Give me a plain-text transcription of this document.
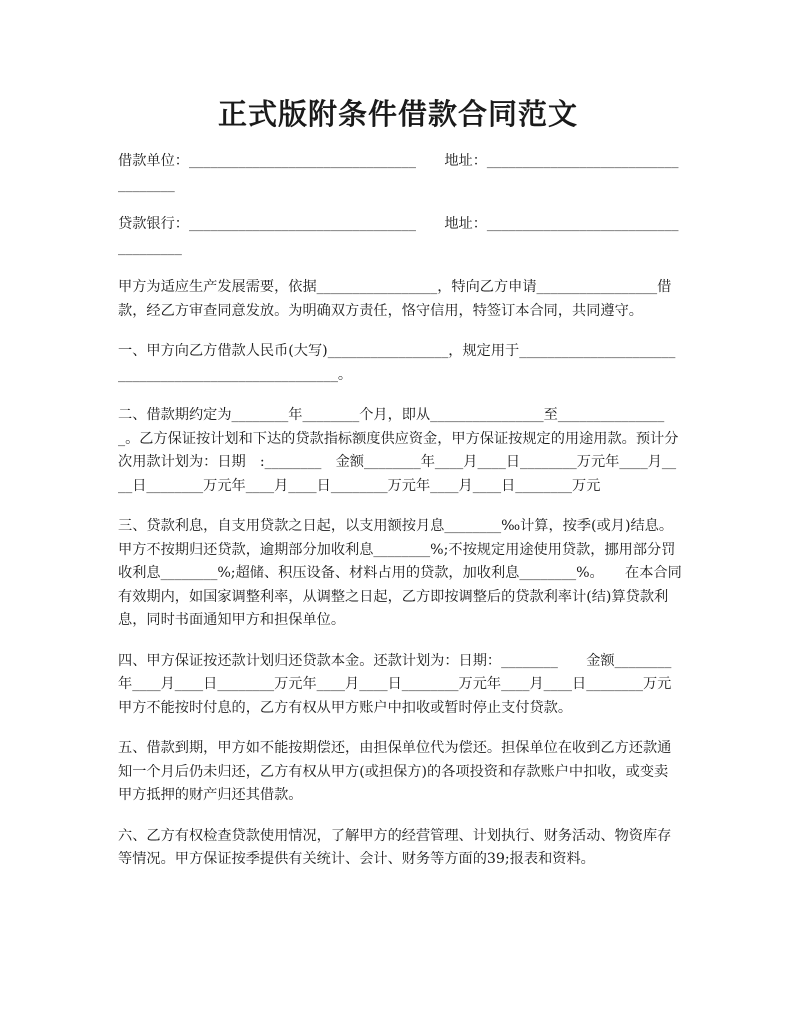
正式版附条件借款合同范文

借款单位：________________________________　　地址：___________________________________

贷款银行：________________________________　　地址：____________________________________

甲方为适应生产发展需要，依据_________________，特向乙方申请_________________借款，经乙方审查同意发放。为明确双方责任，恪守信用，特签订本合同，共同遵守。

一、甲方向乙方借款人民币(大写)_________________，规定用于_____________________________________________________。

二、借款期约定为________年________个月，即从________________至________________。乙方保证按计划和下达的贷款指标额度供应资金，甲方保证按规定的用途用款。预计分次用款计划为：日期　:________　金额________年____月____日________万元年____月____日________万元年____月____日________万元年____月____日________万元

三、贷款利息，自支用贷款之日起，以支用额按月息________‰计算，按季(或月)结息。甲方不按期归还贷款，逾期部分加收利息________%;不按规定用途使用贷款，挪用部分罚收利息________%;超储、积压设备、材料占用的贷款，加收利息________%。　　在本合同有效期内，如国家调整利率，从调整之日起，乙方即按调整后的贷款利率计(结)算贷款利息，同时书面通知甲方和担保单位。

四、甲方保证按还款计划归还贷款本金。还款计划为：日期：________　　金额________年____月____日________万元年____月____日________万元年____月____日________万元　甲方不能按时付息的，乙方有权从甲方账户中扣收或暂时停止支付贷款。

五、借款到期，甲方如不能按期偿还，由担保单位代为偿还。担保单位在收到乙方还款通知一个月后仍未归还，乙方有权从甲方(或担保方)的各项投资和存款账户中扣收，或变卖甲方抵押的财产归还其借款。

六、乙方有权检查贷款使用情况，了解甲方的经营管理、计划执行、财务活动、物资库存等情况。甲方保证按季提供有关统计、会计、财务等方面的39;报表和资料。
